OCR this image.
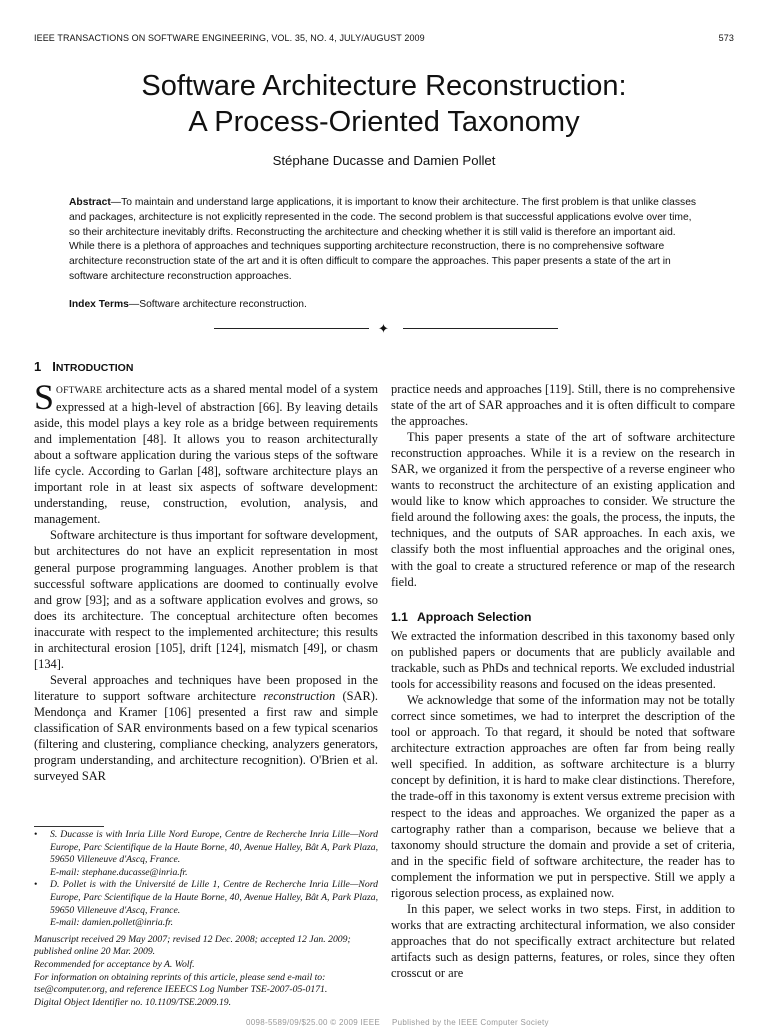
IEEE TRANSACTIONS ON SOFTWARE ENGINEERING, VOL. 35, NO. 4, JULY/AUGUST 2009	573
Software Architecture Reconstruction:
A Process-Oriented Taxonomy
Stéphane Ducasse and Damien Pollet
Abstract—To maintain and understand large applications, it is important to know their architecture. The first problem is that unlike classes and packages, architecture is not explicitly represented in the code. The second problem is that successful applications evolve over time, so their architecture inevitably drifts. Reconstructing the architecture and checking whether it is still valid is therefore an important aid. While there is a plethora of approaches and techniques supporting architecture reconstruction, there is no comprehensive software architecture reconstruction state of the art and it is often difficult to compare the approaches. This paper presents a state of the art in software architecture reconstruction approaches.
Index Terms—Software architecture reconstruction.
✦
1 INTRODUCTION

SOFTWARE architecture acts as a shared mental model of a system expressed at a high-level of abstraction [66]. By leaving details aside, this model plays a key role as a bridge between requirements and implementation [48]. It allows you to reason architecturally about a software application during the various steps of the software life cycle. According to Garlan [48], software architecture plays an important role in at least six aspects of software development: understanding, reuse, construction, evolution, analysis, and management.

Software architecture is thus important for software development, but architectures do not have an explicit representation in most general purpose programming languages. Another problem is that successful software applications are doomed to continually evolve and grow [93]; and as a software application evolves and grows, so does its architecture. The conceptual architecture often becomes inaccurate with respect to the implemented architecture; this results in architectural erosion [105], drift [124], mismatch [49], or chasm [134].

Several approaches and techniques have been proposed in the literature to support software architecture reconstruction (SAR). Mendonça and Kramer [106] presented a first raw and simple classification of SAR environments based on a few typical scenarios (filtering and clustering, compliance checking, analyzers generators, program understanding, and architecture recognition). O'Brien et al. surveyed SAR

practice needs and approaches [119]. Still, there is no comprehensive state of the art of SAR approaches and it is often difficult to compare the approaches.

This paper presents a state of the art of software architecture reconstruction approaches. While it is a review on the research in SAR, we organized it from the perspective of a reverse engineer who wants to reconstruct the architecture of an existing application and would like to know which approaches to consider. We structure the field around the following axes: the goals, the process, the inputs, the techniques, and the outputs of SAR approaches. In each axis, we classify both the most influential approaches and the original ones, with the goal to create a structured reference or map of the research field.

1.1 Approach Selection

We extracted the information described in this taxonomy based only on published papers or documents that are publicly available and trackable, such as PhDs and technical reports. We excluded industrial tools for accessibility reasons and focused on the ideas presented.

We acknowledge that some of the information may not be totally correct since sometimes, we had to interpret the description of the tool or approach. To that regard, it should be noted that software architecture extraction approaches are often far from being really well specified. In addition, as software architecture is a blurry concept by definition, it is hard to make clear distinctions. Therefore, the trade-off in this taxonomy is extent versus extreme precision with respect to the ideas and approaches. We organized the paper as a cartography rather than a comparison, because we believe that a taxonomy should structure the domain and provide a set of criteria, and in the specific field of software architecture, the reader has to complement the information we put in perspective. Still we apply a rigorous selection process, as explained now.

In this paper, we select works in two steps. First, in addition to works that are extracting architectural information, we also consider approaches that do not specifically extract architecture but related artifacts such as design patterns, features, or roles, since they often crosscut or are

• S. Ducasse is with Inria Lille Nord Europe, Centre de Recherche Inria Lille—Nord Europe, Parc Scientifique de la Haute Borne, 40, Avenue Halley, Bât A, Park Plaza, 59650 Villeneuve d'Ascq, France.
E-mail: stephane.ducasse@inria.fr.
• D. Pollet is with the Université de Lille 1, Centre de Recherche Inria Lille—Nord Europe, Parc Scientifique de la Haute Borne, 40, Avenue Halley, Bât A, Park Plaza, 59650 Villeneuve d'Ascq, France.
E-mail: damien.pollet@inria.fr.
Manuscript received 29 May 2007; revised 12 Dec. 2008; accepted 12 Jan. 2009; published online 20 Mar. 2009.
Recommended for acceptance by A. Wolf.
For information on obtaining reprints of this article, please send e-mail to: tse@computer.org, and reference IEEECS Log Number TSE-2007-05-0171.
Digital Object Identifier no. 10.1109/TSE.2009.19.
0098-5589/09/$25.00 © 2009 IEEE Published by the IEEE Computer Society
